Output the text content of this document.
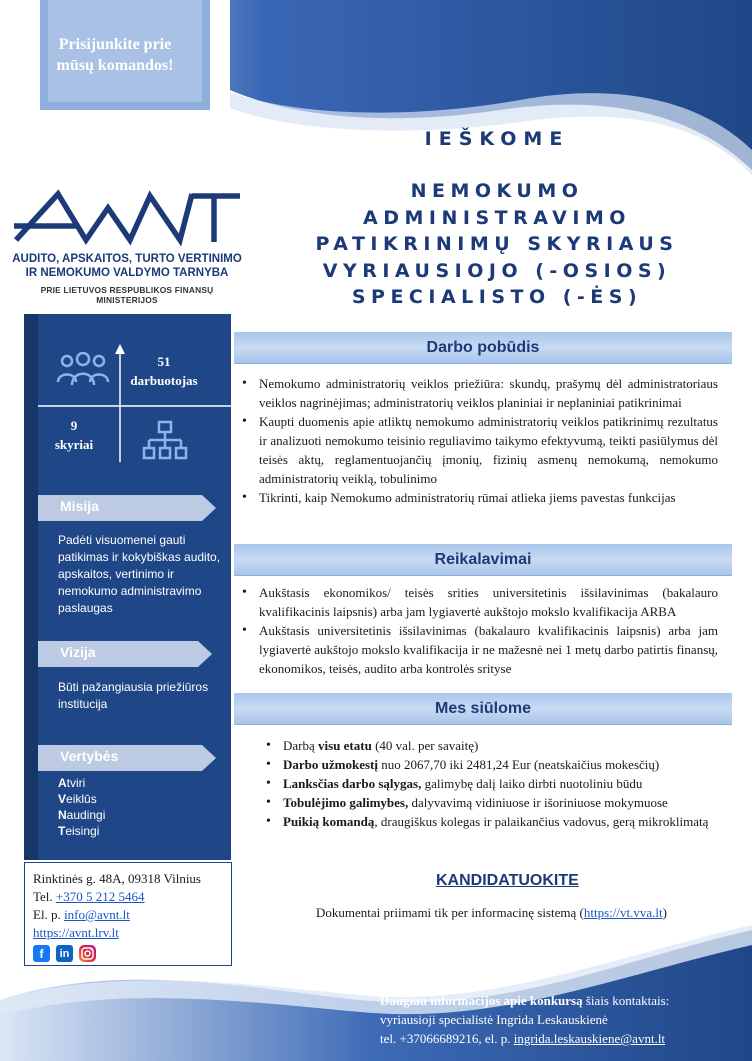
Prisijunkite prie
mūsų komandos!
IEŠKOME
NEMOKUMO
ADMINISTRAVIMO
PATIKRINIMŲ SKYRIAUS
VYRIAUSIOJO (-OSIOS)
SPECIALISTO (-ĖS)
AUDITO, APSKAITOS, TURTO VERTINIMO
IR NEMOKUMO VALDYMO TARNYBA
PRIE LIETUVOS RESPUBLIKOS FINANSŲ MINISTERIJOS
51
darbuotojas
9
skyriai
Misija
Padėti visuomenei gauti patikimas ir kokybiškas audito, apskaitos, vertinimo ir nemokumo administravimo paslaugas
Vizija
Būti pažangiausia priežiūros institucija
Vertybės
Atviri
Veiklūs
Naudingi
Teisingi
Rinktinės g. 48A, 09318 Vilnius
Tel. +370 5 212 5464
El. p. info@avnt.lt
https://avnt.lrv.lt
f	in
Darbo pobūdis
• Nemokumo administratorių veiklos priežiūra: skundų, prašymų dėl administratoriaus veiklos nagrinėjimas; administratorių veiklos planiniai ir neplaniniai patikrinimai
• Kaupti duomenis apie atliktų nemokumo administratorių veiklos patikrinimų rezultatus ir analizuoti nemokumo teisinio reguliavimo taikymo efektyvumą, teikti pasiūlymus dėl teisės aktų, reglamentuojančių įmonių, fizinių asmenų nemokumą, nemokumo administratorių veiklą, tobulinimo
• Tikrinti, kaip Nemokumo administratorių rūmai atlieka jiems pavestas funkcijas
Reikalavimai
• Aukštasis ekonomikos/ teisės srities universitetinis išsilavinimas (bakalauro kvalifikacinis laipsnis) arba jam lygiavertė aukštojo mokslo kvalifikacija ARBA
• Aukštasis universitetinis išsilavinimas (bakalauro kvalifikacinis laipsnis) arba jam lygiavertė aukštojo mokslo kvalifikacija ir ne mažesnė nei 1 metų darbo patirtis finansų, ekonomikos, teisės, audito arba kontrolės srityse
Mes siūlome
• Darbą visu etatu (40 val. per savaitę)
• Darbo užmokestį nuo 2067,70 iki 2481,24 Eur (neatskaičius mokesčių)
• Lanksčias darbo sąlygas, galimybę dalį laiko dirbti nuotoliniu būdu
• Tobulėjimo galimybes, dalyvavimą vidiniuose ir išoriniuose mokymuose
• Puikią komandą, draugiškus kolegas ir palaikančius vadovus, gerą mikroklimatą
KANDIDATUOKITE
Dokumentai priimami tik per informacinę sistemą (https://vt.vva.lt)
Daugiau informacijos apie konkursą šiais kontaktais:
vyriausioji specialistė Ingrida Leskauskienė
tel. +37066689216, el. p. ingrida.leskauskiene@avnt.lt
